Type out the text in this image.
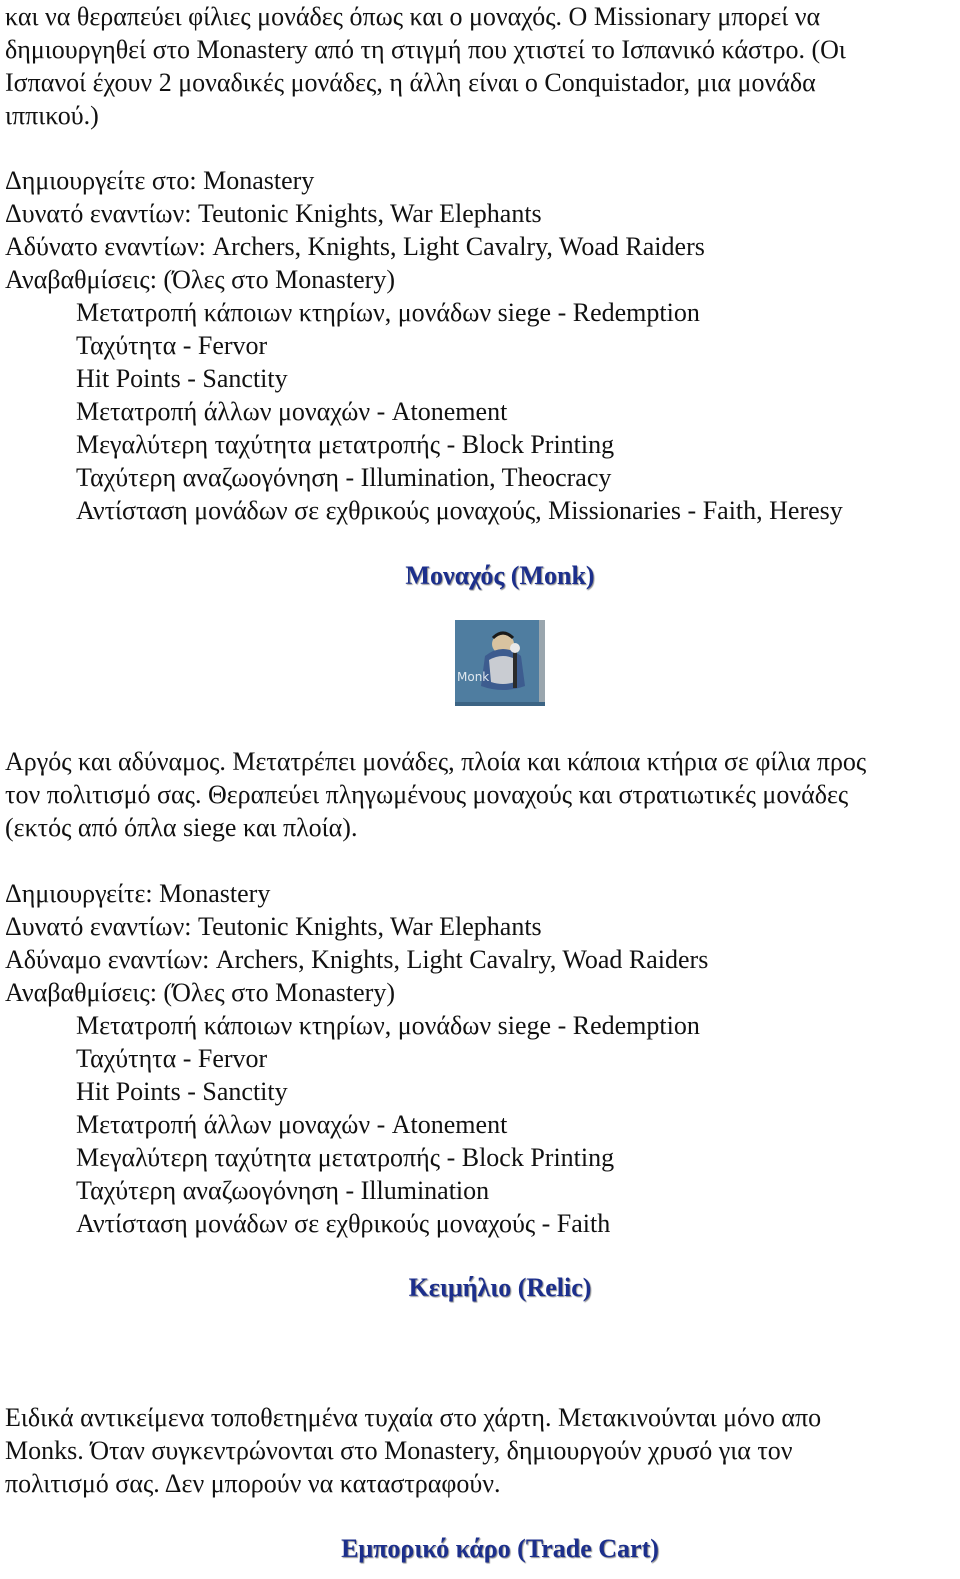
και να θεραπεύει φίλιες μονάδες όπως και ο μοναχός. Ο Missionary μπορεί να
δημιουργηθεί στο Monastery από τη στιγμή που χτιστεί το Ισπανικό κάστρο. (Οι
Ισπανοί έχουν 2 μοναδικές μονάδες, η άλλη είναι ο Conquistador, μια μονάδα
ιππικού.)
Δημιουργείτε στο: Monastery
Δυνατό εναντίων: Teutonic Knights, War Elephants
Αδύνατο εναντίων: Archers, Knights, Light Cavalry, Woad Raiders
Αναβαθμίσεις: (Όλες στο Monastery)
Μετατροπή κάποιων κτηρίων, μονάδων siege - Redemption
Ταχύτητα - Fervor
Hit Points - Sanctity
Μετατροπή άλλων μοναχών - Atonement
Μεγαλύτερη ταχύτητα μετατροπής - Block Printing
Ταχύτερη αναζωογόνηση - Illumination, Theocracy
Αντίσταση μονάδων σε εχθρικούς μοναχούς, Missionaries - Faith, Heresy
Μοναχός (Monk)
Monk
Αργός και αδύναμος. Μετατρέπει μονάδες, πλοία και κάποια κτήρια σε φίλια προς
τον πολιτισμό σας. Θεραπεύει πληγωμένους μοναχούς και στρατιωτικές μονάδες
(εκτός από όπλα siege και πλοία).
Δημιουργείτε: Monastery
Δυνατό εναντίων: Teutonic Knights, War Elephants
Αδύναμο εναντίων: Archers, Knights, Light Cavalry, Woad Raiders
Αναβαθμίσεις: (Όλες στο Monastery)
Μετατροπή κάποιων κτηρίων, μονάδων siege - Redemption
Ταχύτητα - Fervor
Hit Points - Sanctity
Μετατροπή άλλων μοναχών - Atonement
Μεγαλύτερη ταχύτητα μετατροπής - Block Printing
Ταχύτερη αναζωογόνηση - Illumination
Αντίσταση μονάδων σε εχθρικούς μοναχούς - Faith
Κειμήλιο (Relic)
Ειδικά αντικείμενα τοποθετημένα τυχαία στο χάρτη. Μετακινούνται μόνο απο
Monks. Όταν συγκεντρώνονται στο Monastery, δημιουργούν χρυσό για τον
πολιτισμό σας. Δεν μπορούν να καταστραφούν.
Εμπορικό κάρο (Trade Cart)
